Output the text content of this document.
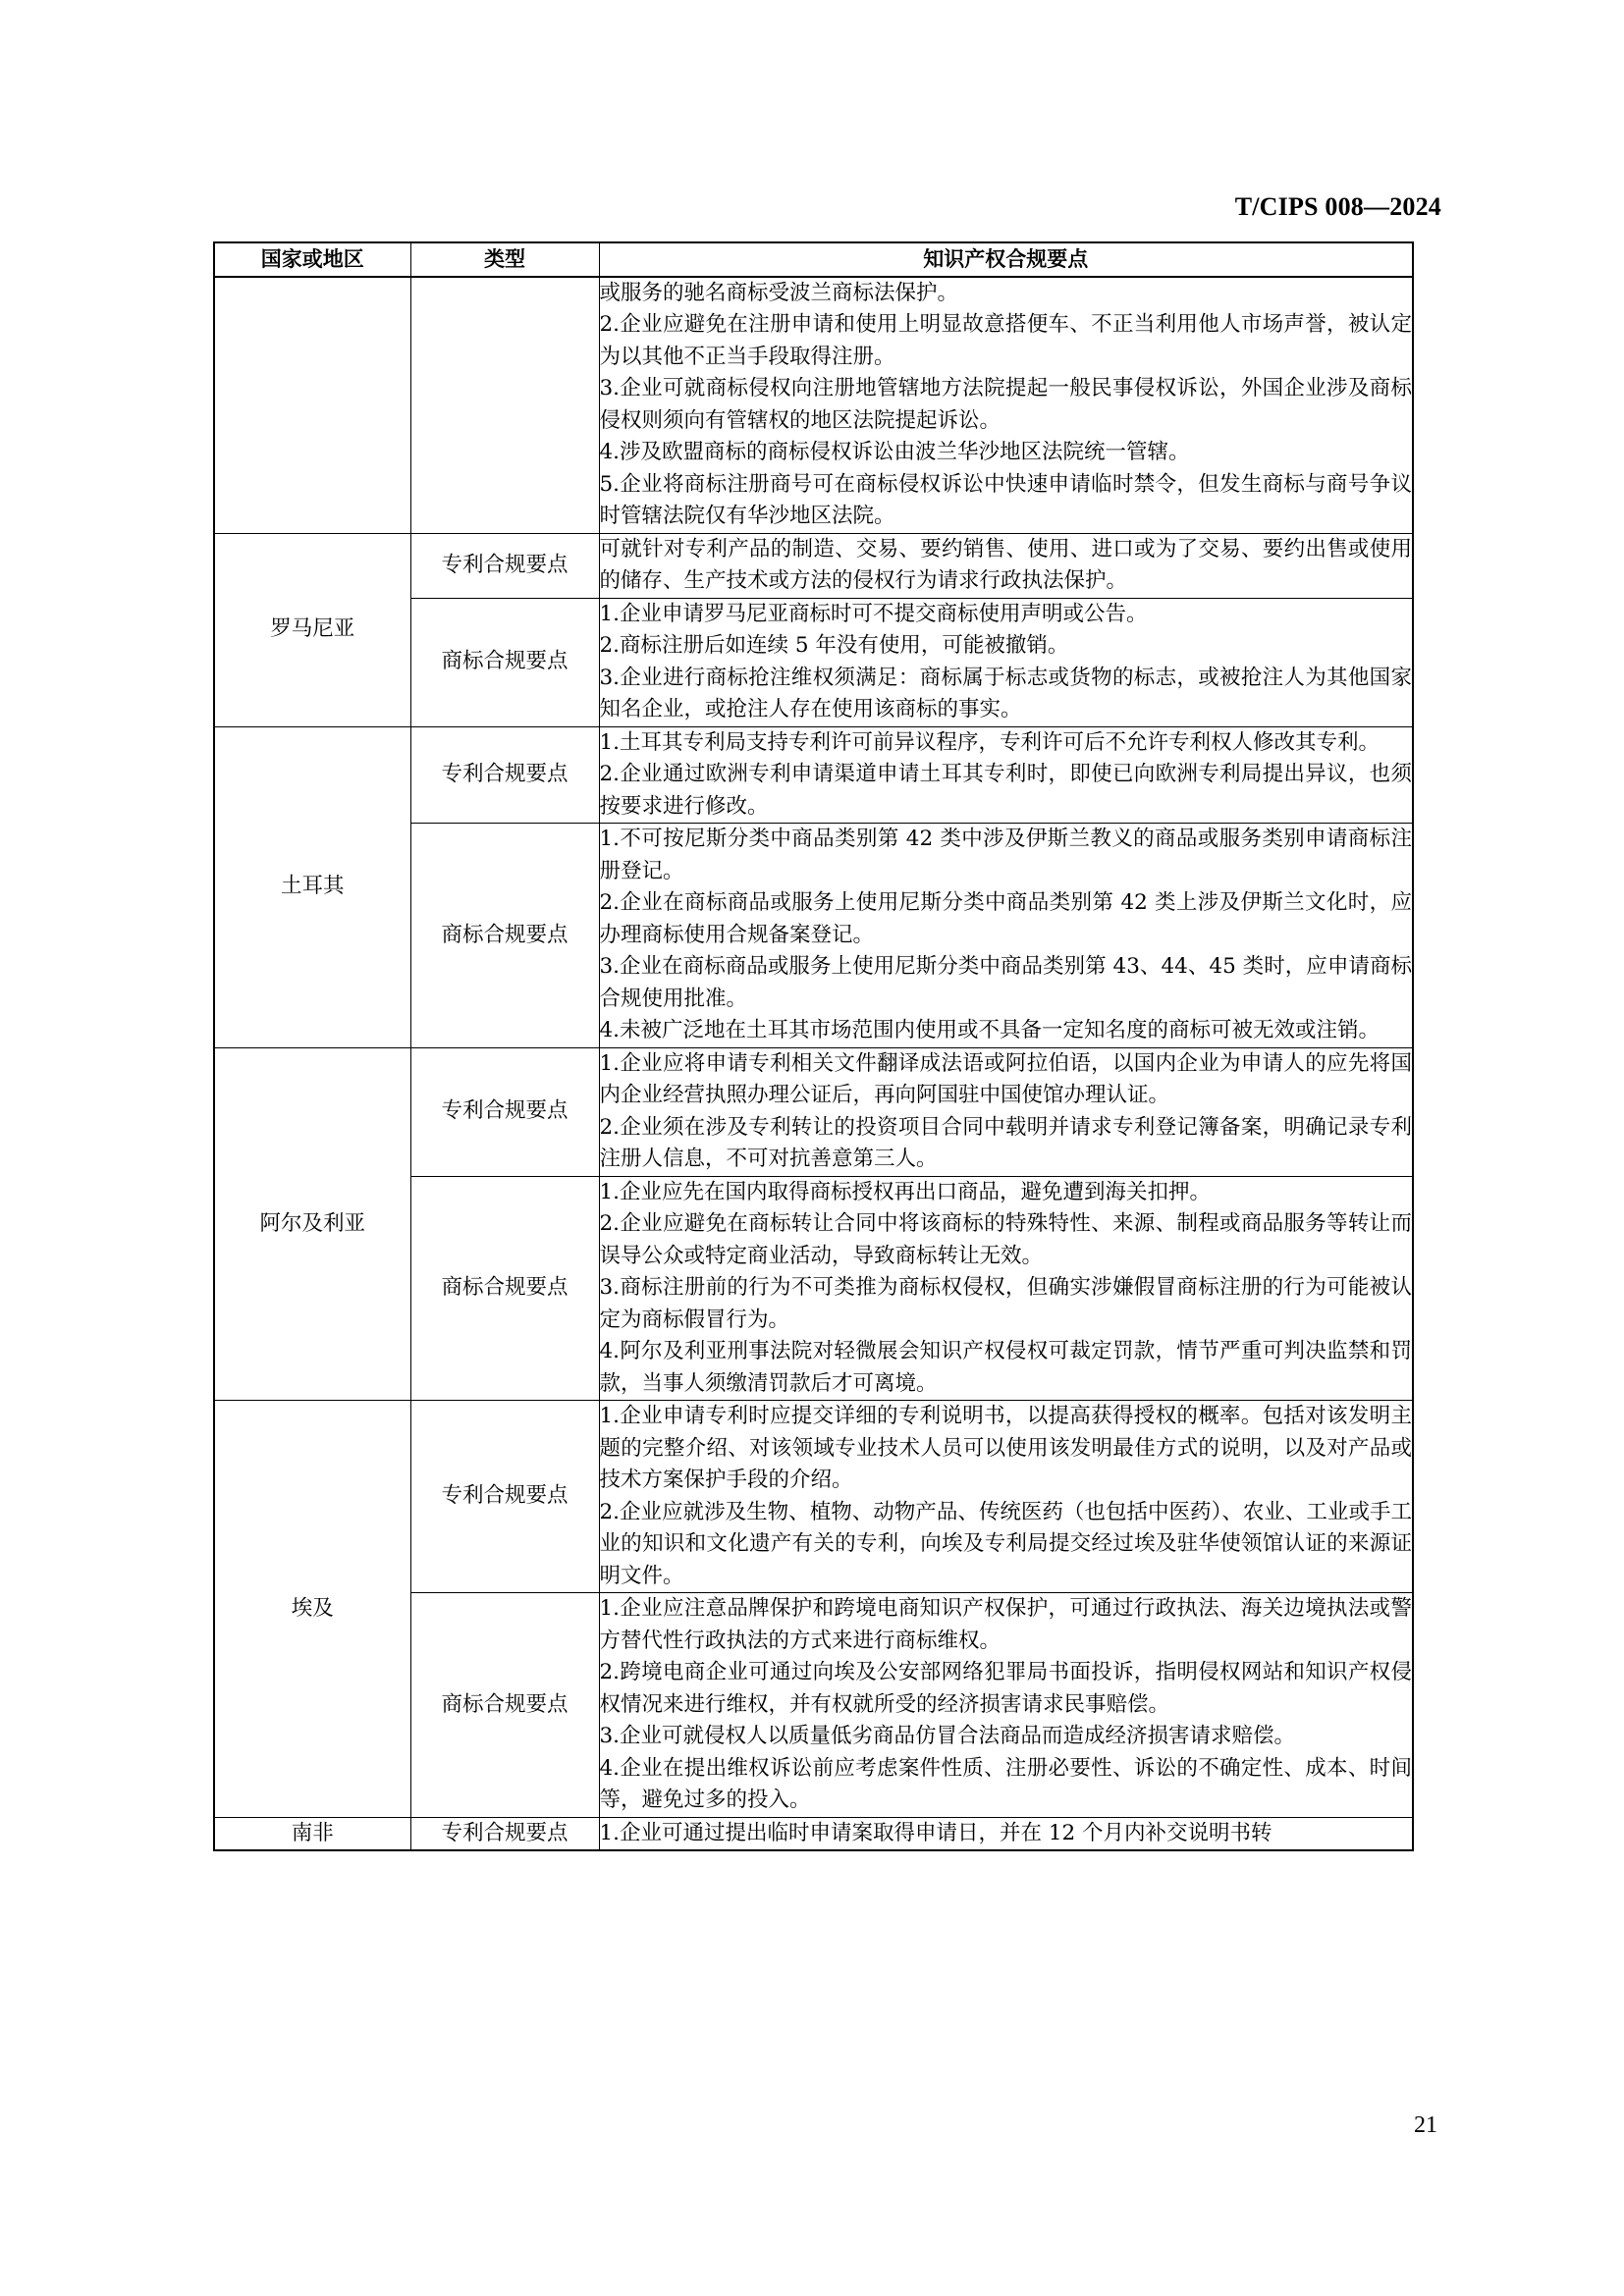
T/CIPS 008—2024
国家或地区	类型	知识产权合规要点

		或服务的驰名商标受波兰商标法保护。

2.企业应避免在注册申请和使用上明显故意搭便车、不正当利用他人市场声誉，被认定为以其他不正当手段取得注册。

3.企业可就商标侵权向注册地管辖地方法院提起一般民事侵权诉讼，外国企业涉及商标侵权则须向有管辖权的地区法院提起诉讼。

4.涉及欧盟商标的商标侵权诉讼由波兰华沙地区法院统一管辖。

5.企业将商标注册商号可在商标侵权诉讼中快速申请临时禁令，但发生商标与商号争议时管辖法院仅有华沙地区法院。

罗马尼亚	专利合规要点	可就针对专利产品的制造、交易、要约销售、使用、进口或为了交易、要约出售或使用的储存、生产技术或方法的侵权行为请求行政执法保护。

	商标合规要点	1.企业申请罗马尼亚商标时可不提交商标使用声明或公告。

2.商标注册后如连续 5 年没有使用，可能被撤销。

3.企业进行商标抢注维权须满足：商标属于标志或货物的标志，或被抢注人为其他国家知名企业，或抢注人存在使用该商标的事实。

土耳其	专利合规要点	1.土耳其专利局支持专利许可前异议程序，专利许可后不允许专利权人修改其专利。

2.企业通过欧洲专利申请渠道申请土耳其专利时，即使已向欧洲专利局提出异议，也须按要求进行修改。

	商标合规要点	1.不可按尼斯分类中商品类别第 42 类中涉及伊斯兰教义的商品或服务类别申请商标注册登记。

2.企业在商标商品或服务上使用尼斯分类中商品类别第 42 类上涉及伊斯兰文化时，应办理商标使用合规备案登记。

3.企业在商标商品或服务上使用尼斯分类中商品类别第 43、44、45 类时，应申请商标合规使用批准。

4.未被广泛地在土耳其市场范围内使用或不具备一定知名度的商标可被无效或注销。

阿尔及利亚	专利合规要点	1.企业应将申请专利相关文件翻译成法语或阿拉伯语，以国内企业为申请人的应先将国内企业经营执照办理公证后，再向阿国驻中国使馆办理认证。

2.企业须在涉及专利转让的投资项目合同中载明并请求专利登记簿备案，明确记录专利注册人信息，不可对抗善意第三人。

	商标合规要点	1.企业应先在国内取得商标授权再出口商品，避免遭到海关扣押。

2.企业应避免在商标转让合同中将该商标的特殊特性、来源、制程或商品服务等转让而误导公众或特定商业活动，导致商标转让无效。

3.商标注册前的行为不可类推为商标权侵权，但确实涉嫌假冒商标注册的行为可能被认定为商标假冒行为。

4.阿尔及利亚刑事法院对轻微展会知识产权侵权可裁定罚款，情节严重可判决监禁和罚款，当事人须缴清罚款后才可离境。

埃及	专利合规要点	1.企业申请专利时应提交详细的专利说明书，以提高获得授权的概率。包括对该发明主题的完整介绍、对该领域专业技术人员可以使用该发明最佳方式的说明，以及对产品或技术方案保护手段的介绍。

2.企业应就涉及生物、植物、动物产品、传统医药（也包括中医药）、农业、工业或手工业的知识和文化遗产有关的专利，向埃及专利局提交经过埃及驻华使领馆认证的来源证明文件。

	商标合规要点	1.企业应注意品牌保护和跨境电商知识产权保护，可通过行政执法、海关边境执法或警方替代性行政执法的方式来进行商标维权。

2.跨境电商企业可通过向埃及公安部网络犯罪局书面投诉，指明侵权网站和知识产权侵权情况来进行维权，并有权就所受的经济损害请求民事赔偿。

3.企业可就侵权人以质量低劣商品仿冒合法商品而造成经济损害请求赔偿。

4.企业在提出维权诉讼前应考虑案件性质、注册必要性、诉讼的不确定性、成本、时间等，避免过多的投入。

南非	专利合规要点	1.企业可通过提出临时申请案取得申请日，并在 12 个月内补交说明书转

21
